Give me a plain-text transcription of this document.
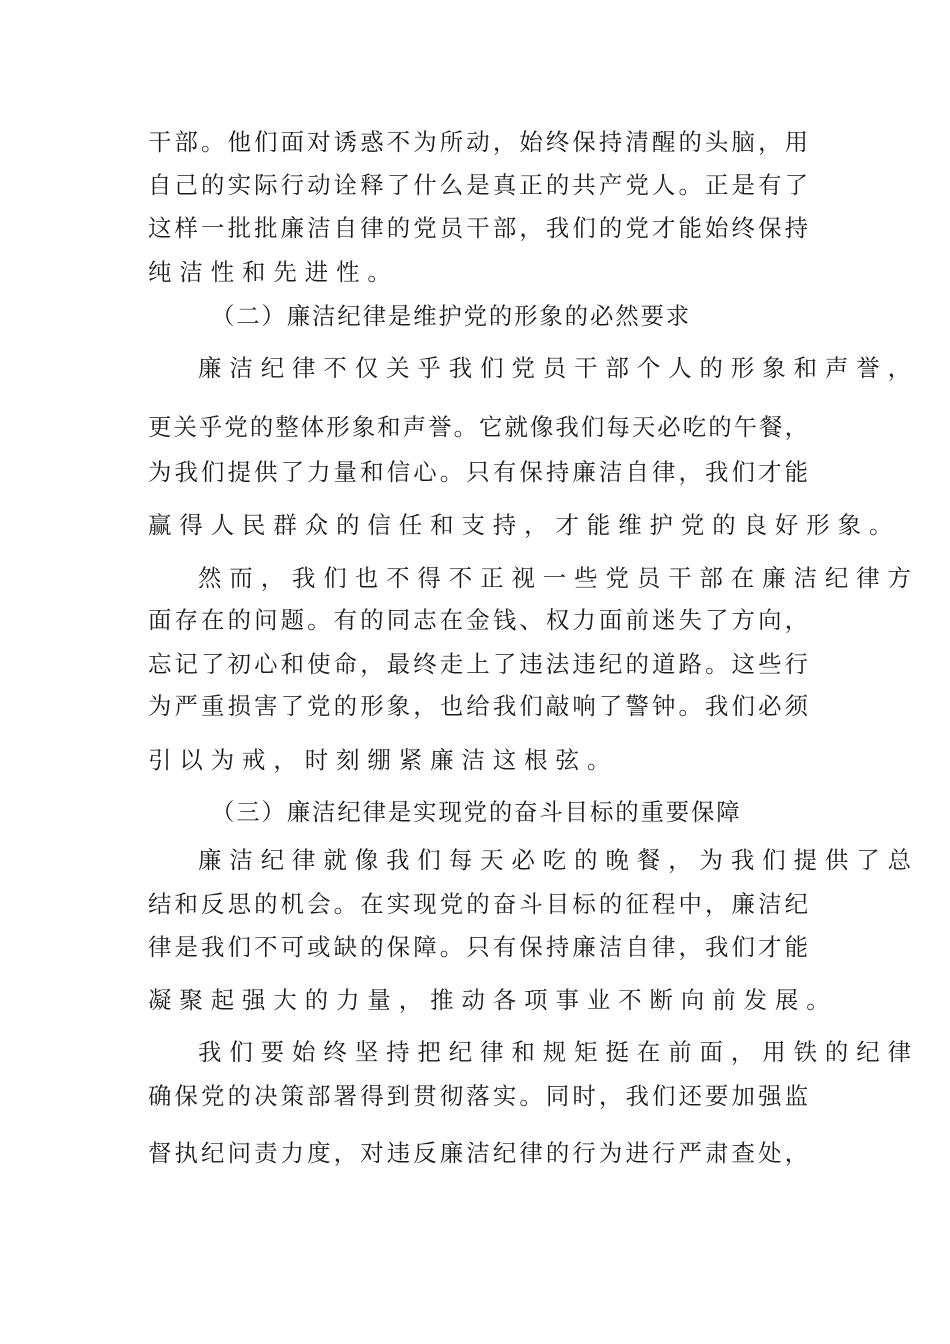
干部。他们面对诱惑不为所动，始终保持清醒的头脑，用
自己的实际行动诠释了什么是真正的共产党人。正是有了
这样一批批廉洁自律的党员干部，我们的党才能始终保持
纯洁性和先进性。
（二）廉洁纪律是维护党的形象的必然要求
廉洁纪律不仅关乎我们党员干部个人的形象和声誉，
更关乎党的整体形象和声誉。它就像我们每天必吃的午餐，
为我们提供了力量和信心。只有保持廉洁自律，我们才能
赢得人民群众的信任和支持，才能维护党的良好形象。
然而，我们也不得不正视一些党员干部在廉洁纪律方
面存在的问题。有的同志在金钱、权力面前迷失了方向，
忘记了初心和使命，最终走上了违法违纪的道路。这些行
为严重损害了党的形象，也给我们敲响了警钟。我们必须
引以为戒，时刻绷紧廉洁这根弦。
（三）廉洁纪律是实现党的奋斗目标的重要保障
廉洁纪律就像我们每天必吃的晚餐，为我们提供了总
结和反思的机会。在实现党的奋斗目标的征程中，廉洁纪
律是我们不可或缺的保障。只有保持廉洁自律，我们才能
凝聚起强大的力量，推动各项事业不断向前发展。
我们要始终坚持把纪律和规矩挺在前面，用铁的纪律
确保党的决策部署得到贯彻落实。同时，我们还要加强监
督执纪问责力度，对违反廉洁纪律的行为进行严肃查处，
